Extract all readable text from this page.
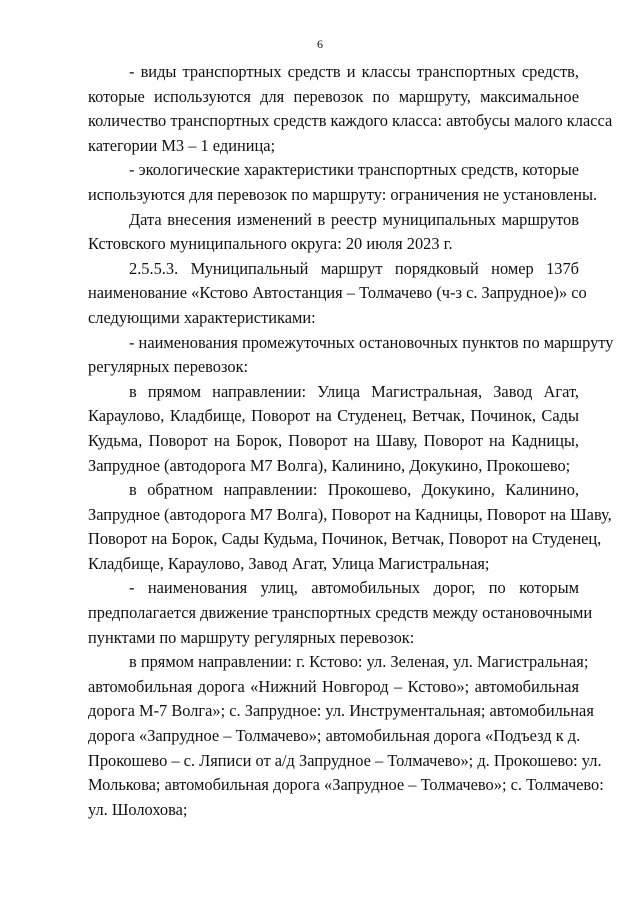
6
- виды транспортных средств и классы транспортных средств,
которые используются для перевозок по маршруту, максимальное
количество транспортных средств каждого класса: автобусы малого класса
категории М3 – 1 единица;
- экологические характеристики транспортных средств, которые
используются для перевозок по маршруту: ограничения не установлены.
Дата внесения изменений в реестр муниципальных маршрутов
Кстовского муниципального округа: 20 июля 2023 г.
2.5.5.3. Муниципальный маршрут порядковый номер 137б
наименование «Кстово Автостанция – Толмачево (ч-з с. Запрудное)» со
следующими характеристиками:
- наименования промежуточных остановочных пунктов по маршруту
регулярных перевозок:
в прямом направлении: Улица Магистральная, Завод Агат,
Караулово, Кладбище, Поворот на Студенец, Ветчак, Починок, Сады
Кудьма, Поворот на Борок, Поворот на Шаву, Поворот на Кадницы,
Запрудное (автодорога М7 Волга), Калинино, Докукино, Прокошево;
в обратном направлении: Прокошево, Докукино, Калинино,
Запрудное (автодорога М7 Волга), Поворот на Кадницы, Поворот на Шаву,
Поворот на Борок, Сады Кудьма, Починок, Ветчак, Поворот на Студенец,
Кладбище, Караулово, Завод Агат, Улица Магистральная;
- наименования улиц, автомобильных дорог, по которым
предполагается движение транспортных средств между остановочными
пунктами по маршруту регулярных перевозок:
в прямом направлении: г. Кстово: ул. Зеленая, ул. Магистральная;
автомобильная дорога «Нижний Новгород – Кстово»; автомобильная
дорога М-7 Волга»; с. Запрудное: ул. Инструментальная; автомобильная
дорога «Запрудное – Толмачево»; автомобильная дорога «Подъезд к д.
Прокошево – с. Ляписи от а/д Запрудное – Толмачево»; д. Прокошево: ул.
Молькова; автомобильная дорога «Запрудное – Толмачево»; с. Толмачево:
ул. Шолохова;
